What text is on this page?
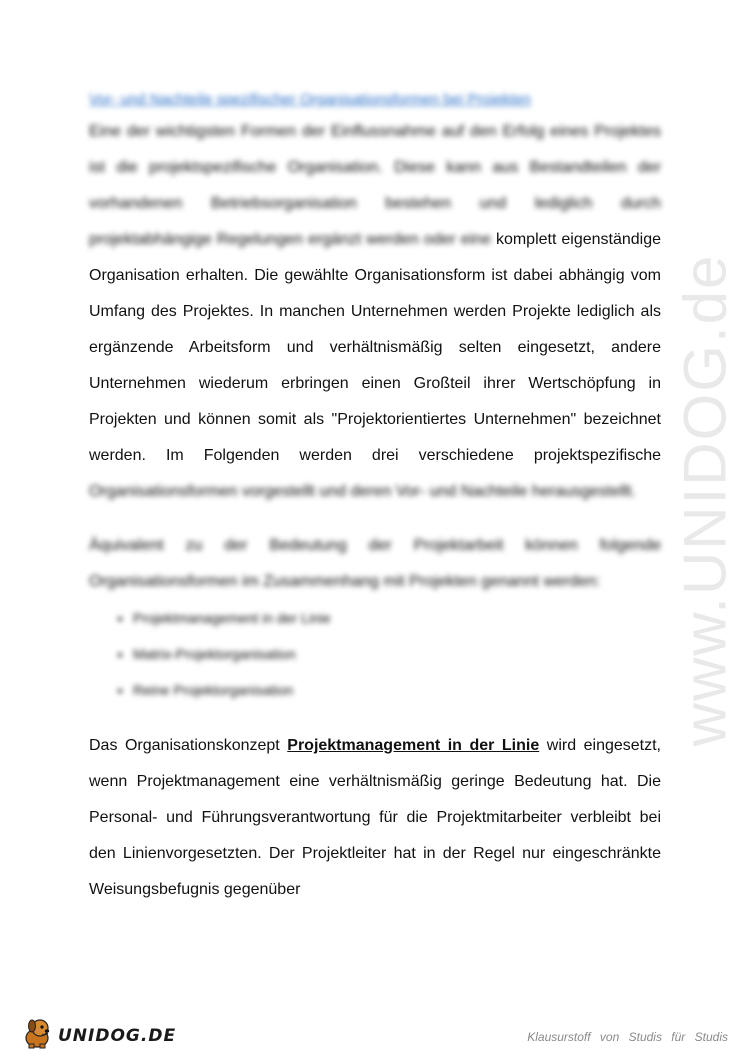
www.UNIDOG.de
Vor- und Nachteile spezifischer Organisationsformen bei Projekten

Eine der wichtigsten Formen der Einflussnahme auf den Erfolg eines Projektes ist die projektspezifische Organisation. Diese kann aus Bestandteilen der vorhandenen Betriebsorganisation bestehen und lediglich durch projektabhängige Regelungen ergänzt werden oder eine komplett eigenständige Organisation erhalten. Die gewählte Organisationsform ist dabei abhängig vom Umfang des Projektes. In manchen Unternehmen werden Projekte lediglich als ergänzende Arbeitsform und verhältnismäßig selten eingesetzt, andere Unternehmen wiederum erbringen einen Großteil ihrer Wertschöpfung in Projekten und können somit als "Projektorientiertes Unternehmen" bezeichnet werden. Im Folgenden werden drei verschiedene projektspezifische Organisationsformen vorgestellt und deren Vor- und Nachteile herausgestellt.

Äquivalent zu der Bedeutung der Projektarbeit können folgende Organisationsformen im Zusammenhang mit Projekten genannt werden:

• Projektmanagement in der Linie
• Matrix-Projektorganisation
• Reine Projektorganisation

Das Organisationskonzept Projektmanagement in der Linie wird eingesetzt, wenn Projektmanagement eine verhältnismäßig geringe Bedeutung hat. Die Personal- und Führungsverantwortung für die Projektmitarbeiter verbleibt bei den Linienvorgesetzten. Der Projektleiter hat in der Regel nur eingeschränkte Weisungsbefugnis gegenüber

UNIDOG.DE	Klausurstoff von Studis für Studis
